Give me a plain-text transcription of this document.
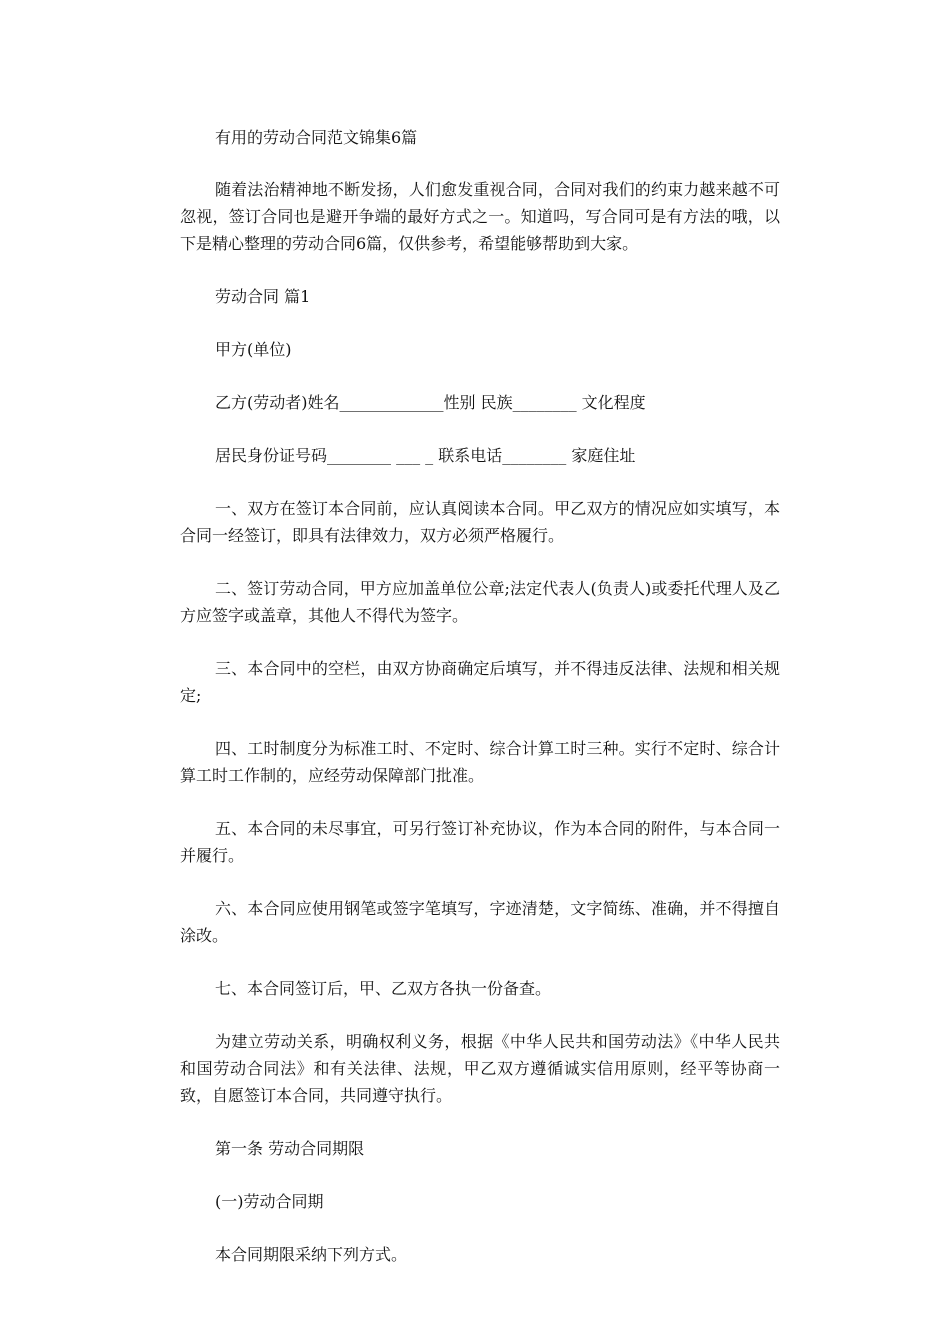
有用的劳动合同范文锦集6篇

随着法治精神地不断发扬，人们愈发重视合同，合同对我们的约束力越来越不可忽视，签订合同也是避开争端的最好方式之一。知道吗，写合同可是有方法的哦，以下是精心整理的劳动合同6篇，仅供参考，希望能够帮助到大家。

劳动合同 篇1

甲方(单位)

乙方(劳动者)姓名_____________性别 民族________ 文化程度

居民身份证号码________ ___ _ 联系电话________ 家庭住址

一、双方在签订本合同前，应认真阅读本合同。甲乙双方的情况应如实填写，本合同一经签订，即具有法律效力，双方必须严格履行。

二、签订劳动合同，甲方应加盖单位公章;法定代表人(负责人)或委托代理人及乙方应签字或盖章，其他人不得代为签字。

三、本合同中的空栏，由双方协商确定后填写，并不得违反法律、法规和相关规定;

四、工时制度分为标准工时、不定时、综合计算工时三种。实行不定时、综合计算工时工作制的，应经劳动保障部门批准。

五、本合同的未尽事宜，可另行签订补充协议，作为本合同的附件，与本合同一并履行。

六、本合同应使用钢笔或签字笔填写，字迹清楚，文字简练、准确，并不得擅自涂改。

七、本合同签订后，甲、乙双方各执一份备查。

为建立劳动关系，明确权利义务，根据《中华人民共和国劳动法》《中华人民共和国劳动合同法》和有关法律、法规，甲乙双方遵循诚实信用原则，经平等协商一致，自愿签订本合同，共同遵守执行。

第一条 劳动合同期限

(一)劳动合同期

本合同期限采纳下列方式。
